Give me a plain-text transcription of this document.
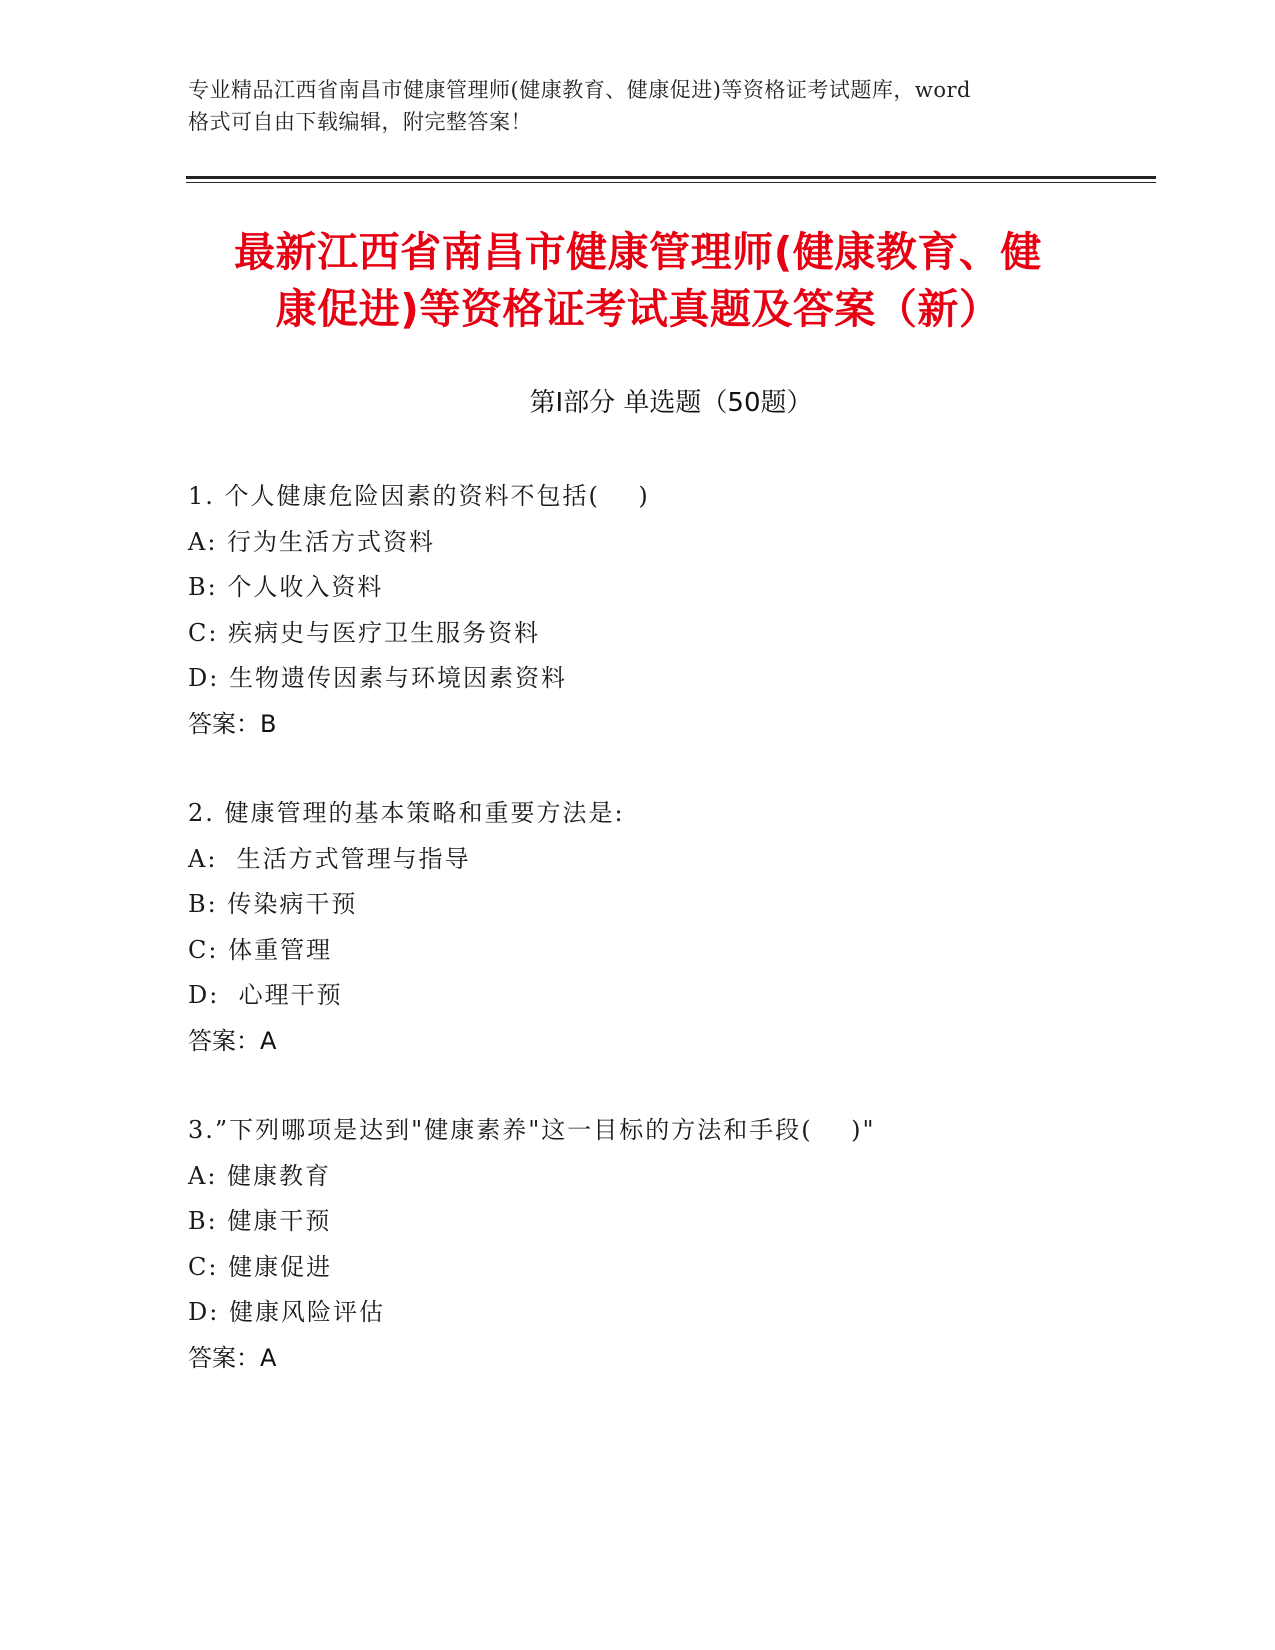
专业精品江西省南昌市健康管理师(健康教育、健康促进)等资格证考试题库，word
格式可自由下载编辑，附完整答案！
最新江西省南昌市健康管理师(健康教育、健
康促进)等资格证考试真题及答案（新）
第Ⅰ部分 单选题（50题）
1. 个人健康危险因素的资料不包括(    )
A: 行为生活方式资料
B: 个人收入资料
C: 疾病史与医疗卫生服务资料
D: 生物遗传因素与环境因素资料
答案：B
2. 健康管理的基本策略和重要方法是:
A:  生活方式管理与指导
B: 传染病干预
C: 体重管理
D:  心理干预
答案：A
3.”下列哪项是达到"健康素养"这一目标的方法和手段(    )"
A: 健康教育
B: 健康干预
C: 健康促进
D: 健康风险评估
答案：A
